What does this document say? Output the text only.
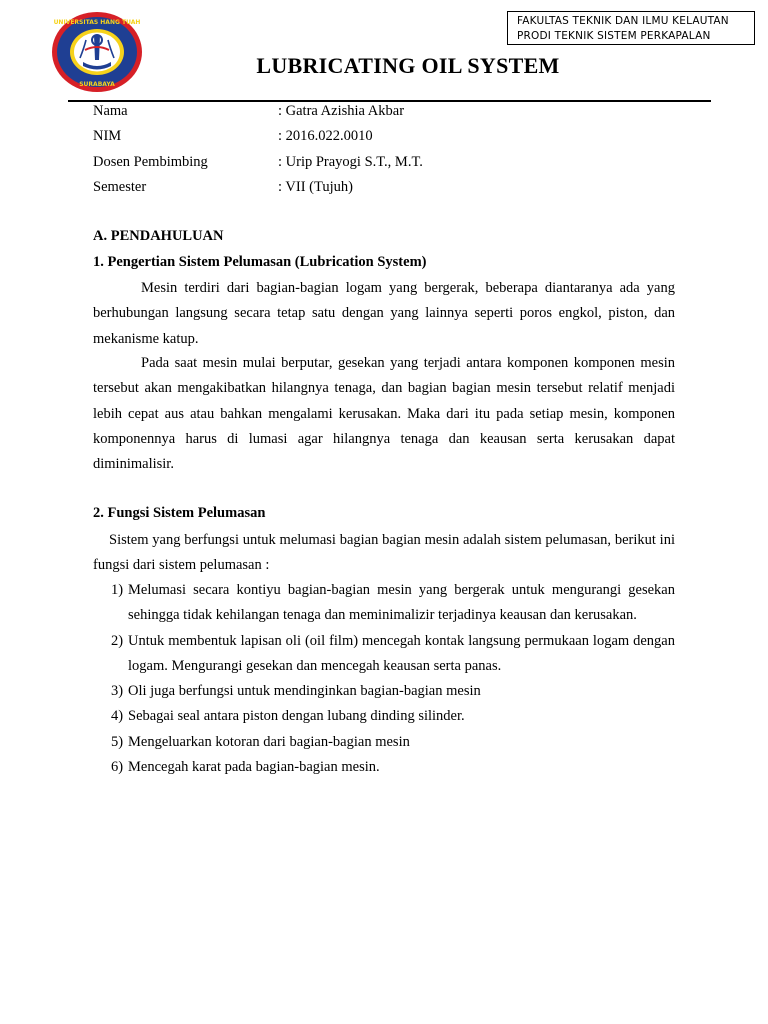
UNIVERSITAS HANG TUAH
SURABAYA
FAKULTAS TEKNIK DAN ILMU KELAUTAN
PRODI TEKNIK SISTEM PERKAPALAN
LUBRICATING OIL SYSTEM
Nama	: Gatra Azishia Akbar
NIM	: 2016.022.0010
Dosen Pembimbing	: Urip Prayogi S.T., M.T.
Semester	: VII (Tujuh)
A. PENDAHULUAN
1. Pengertian Sistem Pelumasan (Lubrication System)

Mesin terdiri dari bagian-bagian logam yang bergerak, beberapa diantaranya ada yang berhubungan langsung secara tetap satu dengan yang lainnya seperti poros engkol, piston, dan mekanisme katup.

Pada saat mesin mulai berputar, gesekan yang terjadi antara komponen komponen mesin tersebut akan mengakibatkan hilangnya tenaga, dan bagian bagian mesin tersebut relatif menjadi lebih cepat aus atau bahkan mengalami kerusakan. Maka dari itu pada setiap mesin, komponen komponennya harus di lumasi agar hilangnya tenaga dan keausan serta kerusakan dapat diminimalisir.

2. Fungsi Sistem Pelumasan

Sistem yang berfungsi untuk melumasi bagian bagian mesin adalah sistem pelumasan, berikut ini fungsi dari sistem pelumasan :

1) Melumasi secara kontiyu bagian-bagian mesin yang bergerak untuk mengurangi gesekan sehingga tidak kehilangan tenaga dan meminimalizir terjadinya keausan dan kerusakan.
2) Untuk membentuk lapisan oli (oil film) mencegah kontak langsung permukaan logam dengan logam. Mengurangi gesekan dan mencegah keausan serta panas.
3) Oli juga berfungsi untuk mendinginkan bagian-bagian mesin
4) Sebagai seal antara piston dengan lubang dinding silinder.
5) Mengeluarkan kotoran dari bagian-bagian mesin
6) Mencegah karat pada bagian-bagian mesin.
